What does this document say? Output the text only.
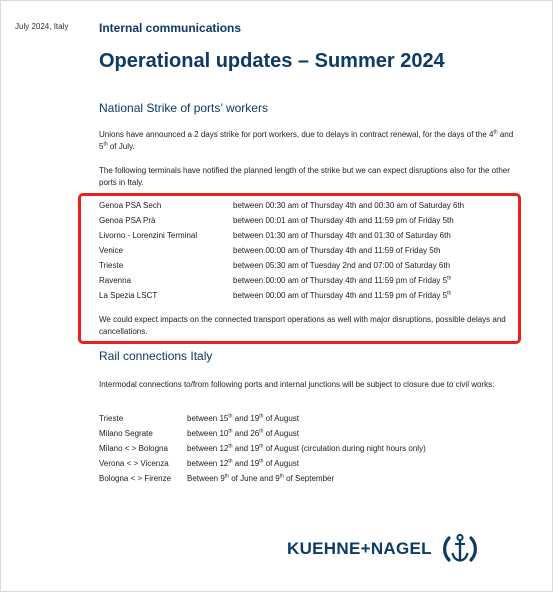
July 2024, Italy	Internal communications
Operational updates – Summer 2024
National Strike of ports’ workers
Unions have announced a 2 days strike for port workers, due to delays in contract renewal, for the days of the 4th and 5th of July.
The following terminals have notified the planned length of the strike but we can expect disruptions also for the other ports in Italy.
Genoa PSA Sech	between 00:30 am of Thursday 4th and 00:30 am of Saturday 6th
Genoa PSA Prà	between 00:01 am of Thursday 4th and 11:59 pm of Friday 5th
Livorno - Lorenzini Terminal	between 01:30 am of Thursday 4th and 01:30 of Saturday 6th
Venice	between 00:00 am of Thursday 4th and 11:59 of Friday 5th
Trieste	between 05:30 am of Tuesday 2nd and 07:00 of Saturday 6th
Ravenna	between 00:00 am of Thursday 4th and 11:59 pm of Friday 5th
La Spezia LSCT	between 00:00 am of Thursday 4th and 11:59 pm of Friday 5th
We could expect impacts on the connected transport operations as well with major disruptions, possible delays and cancellations.
Rail connections Italy
Intermodal connections to/from following ports and internal junctions will be subject to closure due to civil works:
Trieste	between 15th and 19th of August
Milano Segrate	between 10th and 26th of August
Milano < > Bologna	between 12th and 19th of August (circulation during night hours only)
Verona < > Vicenza	between 12th and 19th of August
Bologna < > Firenze	Between 9th of June and 9th of September
KUEHNE+NAGEL
